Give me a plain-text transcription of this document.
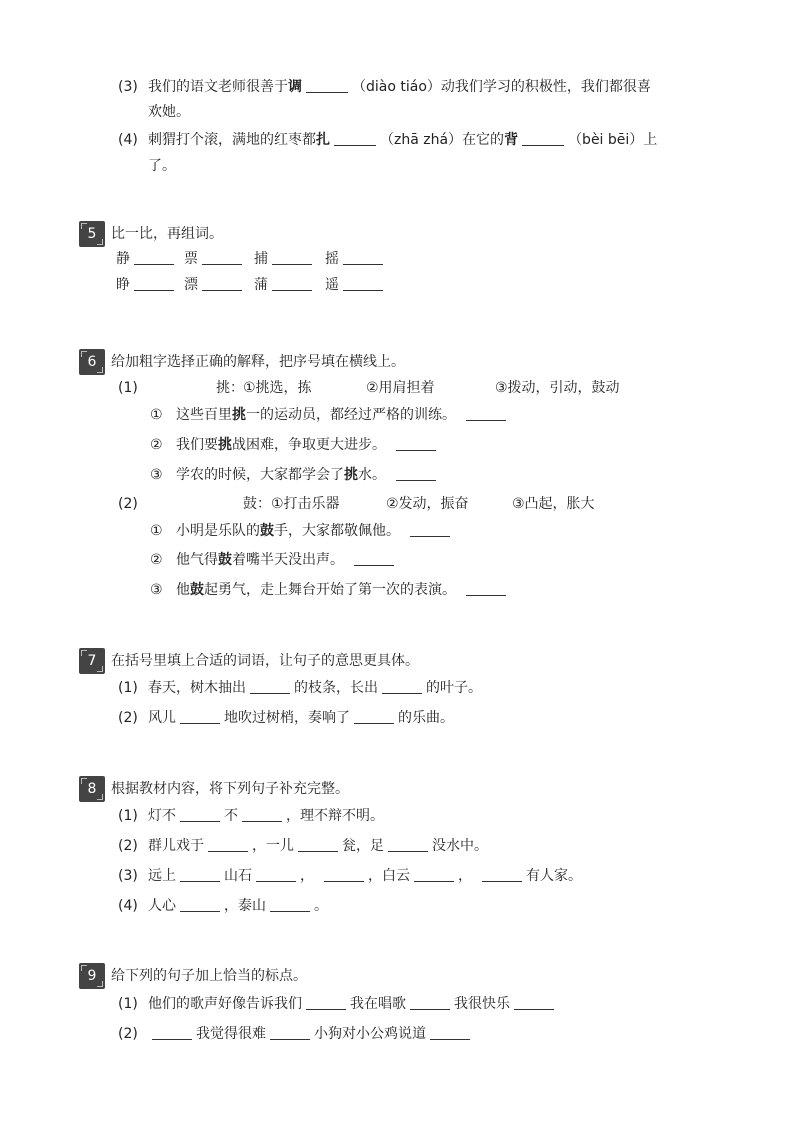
(3) 我们的语文老师很善于调	（diào tiáo）动我们学习的积极性，我们都很喜
欢她。
(4) 刺猬打个滚，满地的红枣都扎	（zhā zhá）在它的背	（bèi bēi）上
了。
5	比一比，再组词。
静	票	捕	摇
睁	漂	蒲	遥
6	给加粗字选择正确的解释，把序号填在横线上。
(1)	挑： ①挑选，拣	②用肩担着	③拨动，引动，鼓动
① 这些百里挑一的运动员，都经过严格的训练。
② 我们要挑战困难，争取更大进步。
③ 学农的时候，大家都学会了挑水。
(2)	鼓： ①打击乐器	②发动，振奋	③凸起，胀大
① 小明是乐队的鼓手，大家都敬佩他。
② 他气得鼓着嘴半天没出声。
③ 他鼓起勇气，走上舞台开始了第一次的表演。
7	在括号里填上合适的词语，让句子的意思更具体。
(1) 春天，树木抽出	的枝条，长出	的叶子。
(2) 风儿	地吹过树梢，奏响了	的乐曲。
8	根据教材内容，将下列句子补充完整。
(1) 灯不	不	，理不辩不明。
(2) 群儿戏于	，一儿	瓮，足	没水中。
(3) 远上	山石	，	，白云	，	有人家。
(4) 人心	，泰山	。
9	给下列的句子加上恰当的标点。
(1) 他们的歌声好像告诉我们	我在唱歌	我很快乐
(2)	我觉得很难	小狗对小公鸡说道
